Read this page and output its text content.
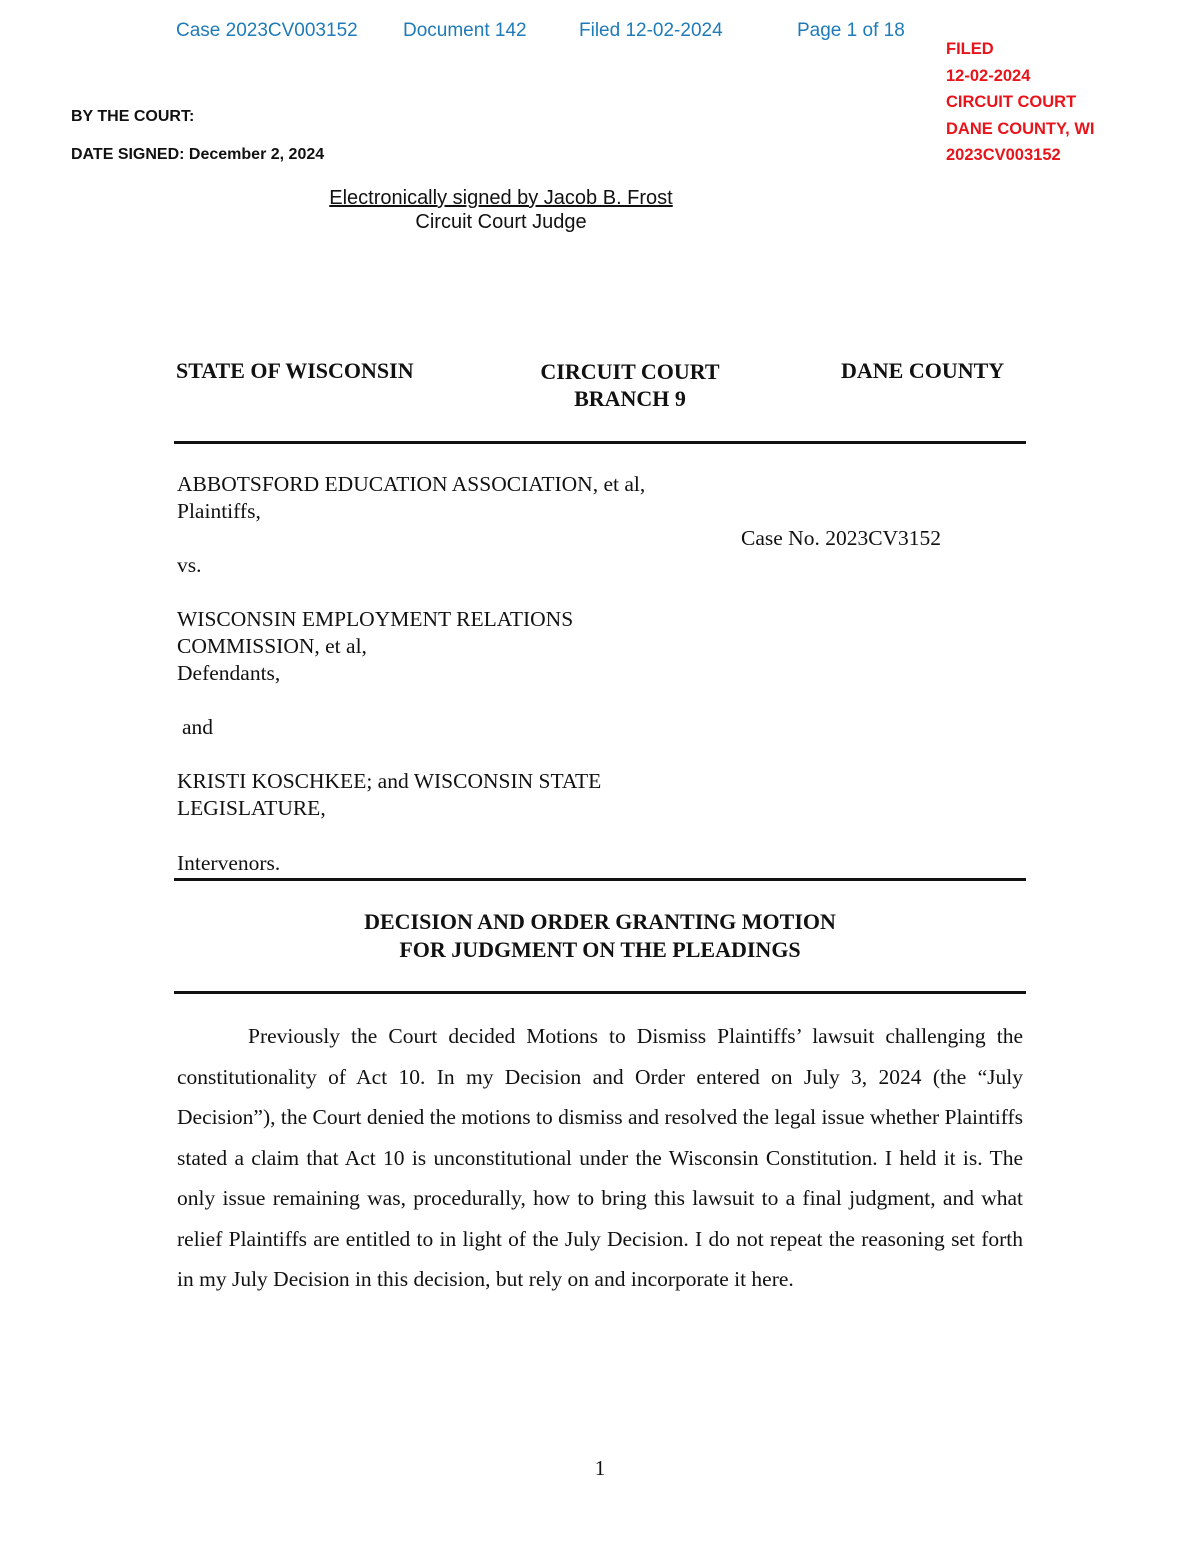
Case 2023CV003152 Document 142	Filed 12-02-2024	Page 1 of 18
FILED
12-02-2024
CIRCUIT COURT
DANE COUNTY, WI
2023CV003152
BY THE COURT:
DATE SIGNED: December 2, 2024
Electronically signed by Jacob B. Frost
Circuit Court Judge
STATE OF WISCONSIN	CIRCUIT COURT
BRANCH 9
DANE COUNTY
ABBOTSFORD EDUCATION ASSOCIATION, et al,
Plaintiffs,
Case No. 2023CV3152
vs.
WISCONSIN EMPLOYMENT RELATIONS
COMMISSION, et al,
Defendants,
and
KRISTI KOSCHKEE; and WISCONSIN STATE
LEGISLATURE,
Intervenors.
DECISION AND ORDER GRANTING MOTION
FOR JUDGMENT ON THE PLEADINGS

Previously the Court decided Motions to Dismiss Plaintiffs’ lawsuit challenging the constitutionality of Act 10. In my Decision and Order entered on July 3, 2024 (the “July Decision”), the Court denied the motions to dismiss and resolved the legal issue whether Plaintiffs stated a claim that Act 10 is unconstitutional under the Wisconsin Constitution. I held it is. The only issue remaining was, procedurally, how to bring this lawsuit to a final judgment, and what relief Plaintiffs are entitled to in light of the July Decision. I do not repeat the reasoning set forth in my July Decision in this decision, but rely on and incorporate it here.

1
